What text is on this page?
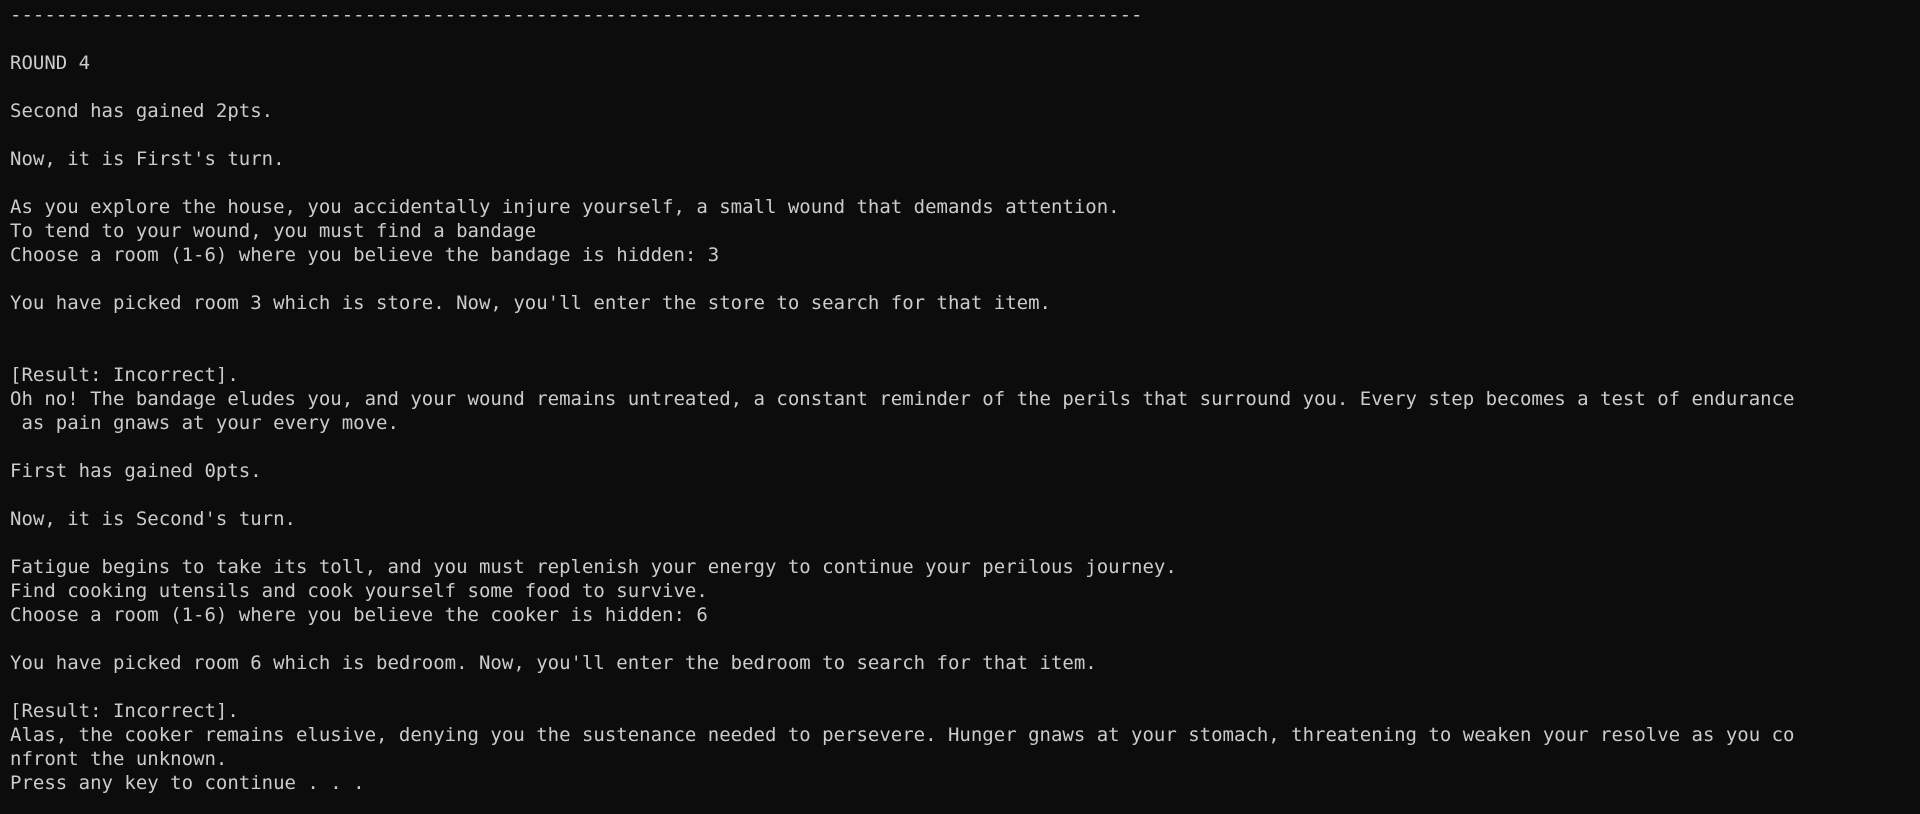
---------------------------------------------------------------------------------------------------
ROUND 4
Second has gained 2pts.
Now, it is First's turn.
As you explore the house, you accidentally injure yourself, a small wound that demands attention.
To tend to your wound, you must find a bandage
Choose a room (1-6) where you believe the bandage is hidden: 3
You have picked room 3 which is store. Now, you'll enter the store to search for that item.
[Result: Incorrect].
Oh no! The bandage eludes you, and your wound remains untreated, a constant reminder of the perils that surround you. Every step becomes a test of endurance
as pain gnaws at your every move.
First has gained 0pts.
Now, it is Second's turn.
Fatigue begins to take its toll, and you must replenish your energy to continue your perilous journey.
Find cooking utensils and cook yourself some food to survive.
Choose a room (1-6) where you believe the cooker is hidden: 6
You have picked room 6 which is bedroom. Now, you'll enter the bedroom to search for that item.
[Result: Incorrect].
Alas, the cooker remains elusive, denying you the sustenance needed to persevere. Hunger gnaws at your stomach, threatening to weaken your resolve as you co
nfront the unknown.
Press any key to continue . . .
